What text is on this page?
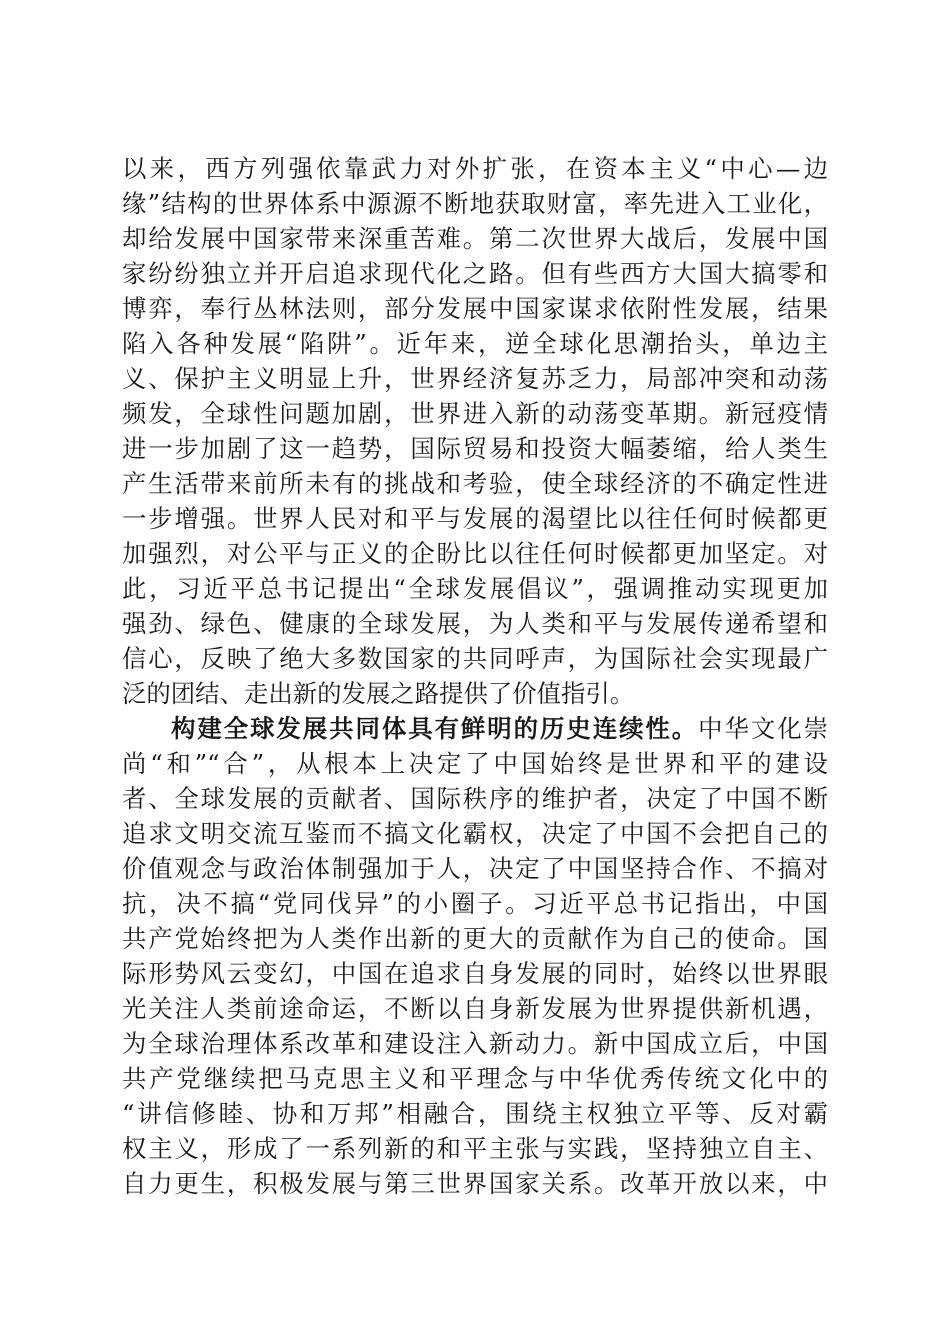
以来，西方列强依靠武力对外扩张，在资本主义“中心—边
缘”结构的世界体系中源源不断地获取财富，率先进入工业化，
却给发展中国家带来深重苦难。第二次世界大战后，发展中国
家纷纷独立并开启追求现代化之路。但有些西方大国大搞零和
博弈，奉行丛林法则，部分发展中国家谋求依附性发展，结果
陷入各种发展“陷阱”。近年来，逆全球化思潮抬头，单边主
义、保护主义明显上升，世界经济复苏乏力，局部冲突和动荡
频发，全球性问题加剧，世界进入新的动荡变革期。新冠疫情
进一步加剧了这一趋势，国际贸易和投资大幅萎缩，给人类生
产生活带来前所未有的挑战和考验，使全球经济的不确定性进
一步增强。世界人民对和平与发展的渴望比以往任何时候都更
加强烈，对公平与正义的企盼比以往任何时候都更加坚定。对
此，习近平总书记提出“全球发展倡议”，强调推动实现更加
强劲、绿色、健康的全球发展，为人类和平与发展传递希望和
信心，反映了绝大多数国家的共同呼声，为国际社会实现最广
泛的团结、走出新的发展之路提供了价值指引。
构建全球发展共同体具有鲜明的历史连续性。中华文化崇
尚“和”“合”，从根本上决定了中国始终是世界和平的建设
者、全球发展的贡献者、国际秩序的维护者，决定了中国不断
追求文明交流互鉴而不搞文化霸权，决定了中国不会把自己的
价值观念与政治体制强加于人，决定了中国坚持合作、不搞对
抗，决不搞“党同伐异”的小圈子。习近平总书记指出，中国
共产党始终把为人类作出新的更大的贡献作为自己的使命。国
际形势风云变幻，中国在追求自身发展的同时，始终以世界眼
光关注人类前途命运，不断以自身新发展为世界提供新机遇，
为全球治理体系改革和建设注入新动力。新中国成立后，中国
共产党继续把马克思主义和平理念与中华优秀传统文化中的
“讲信修睦、协和万邦”相融合，围绕主权独立平等、反对霸
权主义，形成了一系列新的和平主张与实践，坚持独立自主、
自力更生，积极发展与第三世界国家关系。改革开放以来，中
